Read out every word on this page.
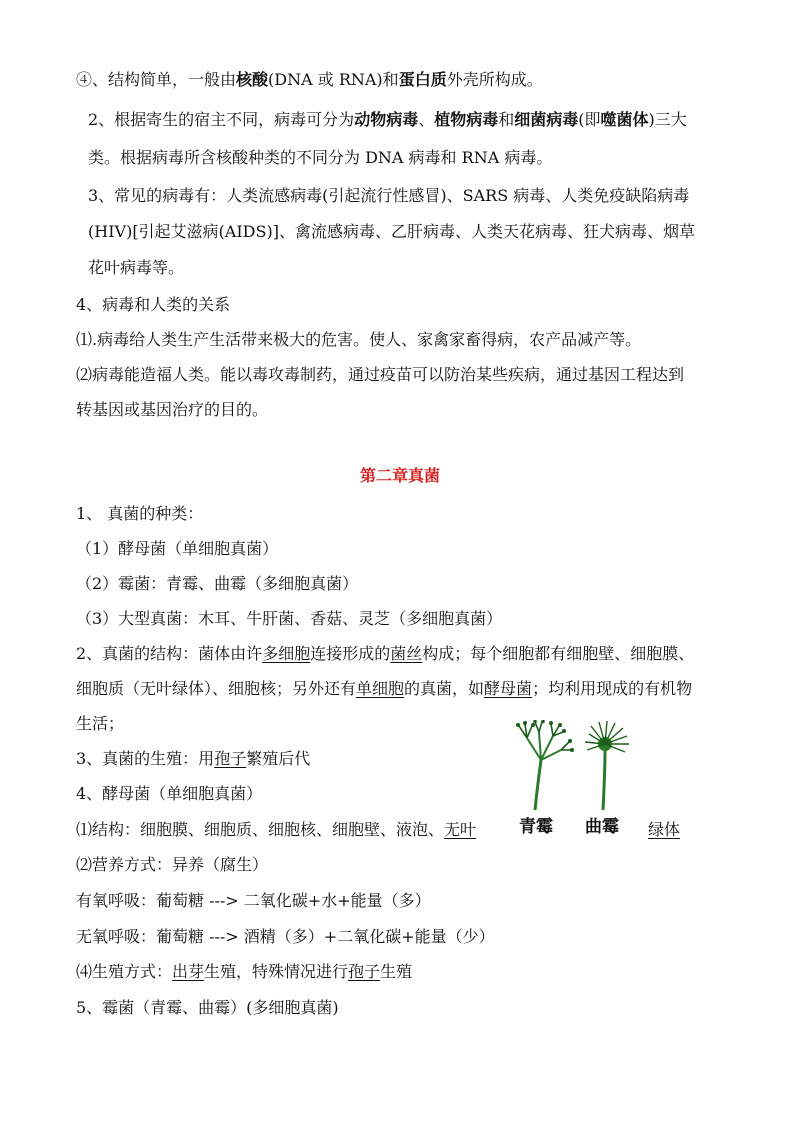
④、结构简单，一般由核酸(DNA 或 RNA)和蛋白质外壳所构成。
2、根据寄生的宿主不同，病毒可分为动物病毒、植物病毒和细菌病毒(即噬菌体)三大
类。根据病毒所含核酸种类的不同分为 DNA 病毒和 RNA 病毒。
3、常见的病毒有：人类流感病毒(引起流行性感冒)、SARS 病毒、人类免疫缺陷病毒
(HIV)[引起艾滋病(AIDS)]、禽流感病毒、乙肝病毒、人类天花病毒、狂犬病毒、烟草
花叶病毒等。
4、病毒和人类的关系
⑴.病毒给人类生产生活带来极大的危害。使人、家禽家畜得病，农产品减产等。
⑵病毒能造福人类。能以毒攻毒制药，通过疫苗可以防治某些疾病，通过基因工程达到
转基因或基因治疗的目的。
第二章真菌
1、 真菌的种类：
（1）酵母菌（单细胞真菌）
（2）霉菌：青霉、曲霉（多细胞真菌）
（3）大型真菌：木耳、牛肝菌、香菇、灵芝（多细胞真菌）
2、真菌的结构：菌体由许多细胞连接形成的菌丝构成；每个细胞都有细胞壁、细胞膜、
细胞质（无叶绿体）、细胞核；另外还有单细胞的真菌，如酵母菌；均利用现成的有机物
生活；
3、真菌的生殖：用孢子繁殖后代
4、酵母菌（单细胞真菌）
⑴结构：细胞膜、细胞质、细胞核、细胞壁、液泡、无叶	绿体
⑵营养方式：异养（腐生）
有氧呼吸：葡萄糖 ---> 二氧化碳+水+能量（多）
无氧呼吸：葡萄糖 ---> 酒精（多）+二氧化碳+能量（少）
⑷生殖方式：出芽生殖，特殊情况进行孢子生殖
5、霉菌（青霉、曲霉）(多细胞真菌)
青霉 曲霉
